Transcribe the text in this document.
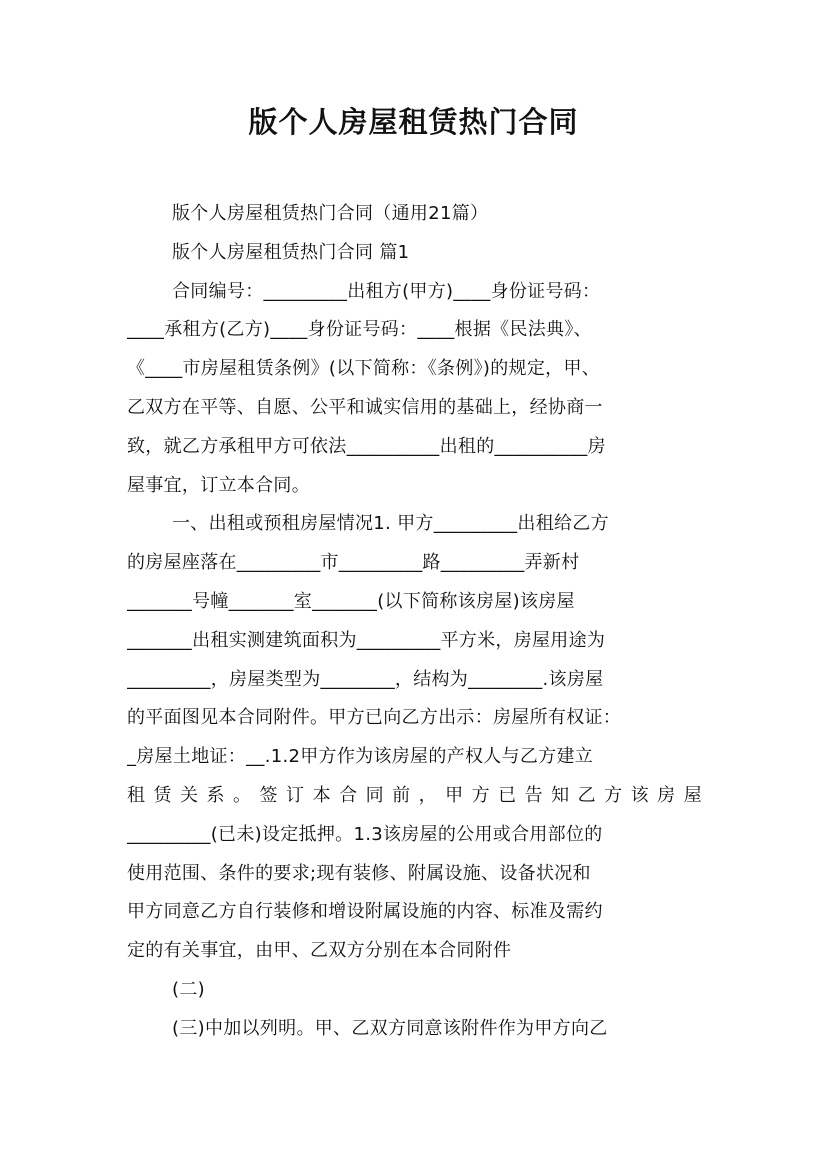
版个人房屋租赁热门合同
版个人房屋租赁热门合同（通用21篇）
版个人房屋租赁热门合同 篇1
合同编号：_________出租方(甲方)____身份证号码：
____承租方(乙方)____身份证号码：____根据《民法典》、
《____市房屋租赁条例》(以下简称：《条例》)的规定，甲、
乙双方在平等、自愿、公平和诚实信用的基础上，经协商一
致，就乙方承租甲方可依法__________出租的__________房
屋事宜，订立本合同。
一、出租或预租房屋情况1. 甲方_________出租给乙方
的房屋座落在_________市_________路_________弄新村
_______号幢_______室_______(以下简称该房屋)该房屋
_______出租实测建筑面积为_________平方米，房屋用途为
_________，房屋类型为________，结构为________.该房屋
的平面图见本合同附件。甲方已向乙方出示：房屋所有权证：
_房屋土地证：__.1.2甲方作为该房屋的产权人与乙方建立
租赁关系。签订本合同前，甲方已告知乙方该房屋
_________(已未)设定抵押。1.3该房屋的公用或合用部位的
使用范围、条件的要求;现有装修、附属设施、设备状况和
甲方同意乙方自行装修和增设附属设施的内容、标准及需约
定的有关事宜，由甲、乙双方分别在本合同附件
(二)
(三)中加以列明。甲、乙双方同意该附件作为甲方向乙
